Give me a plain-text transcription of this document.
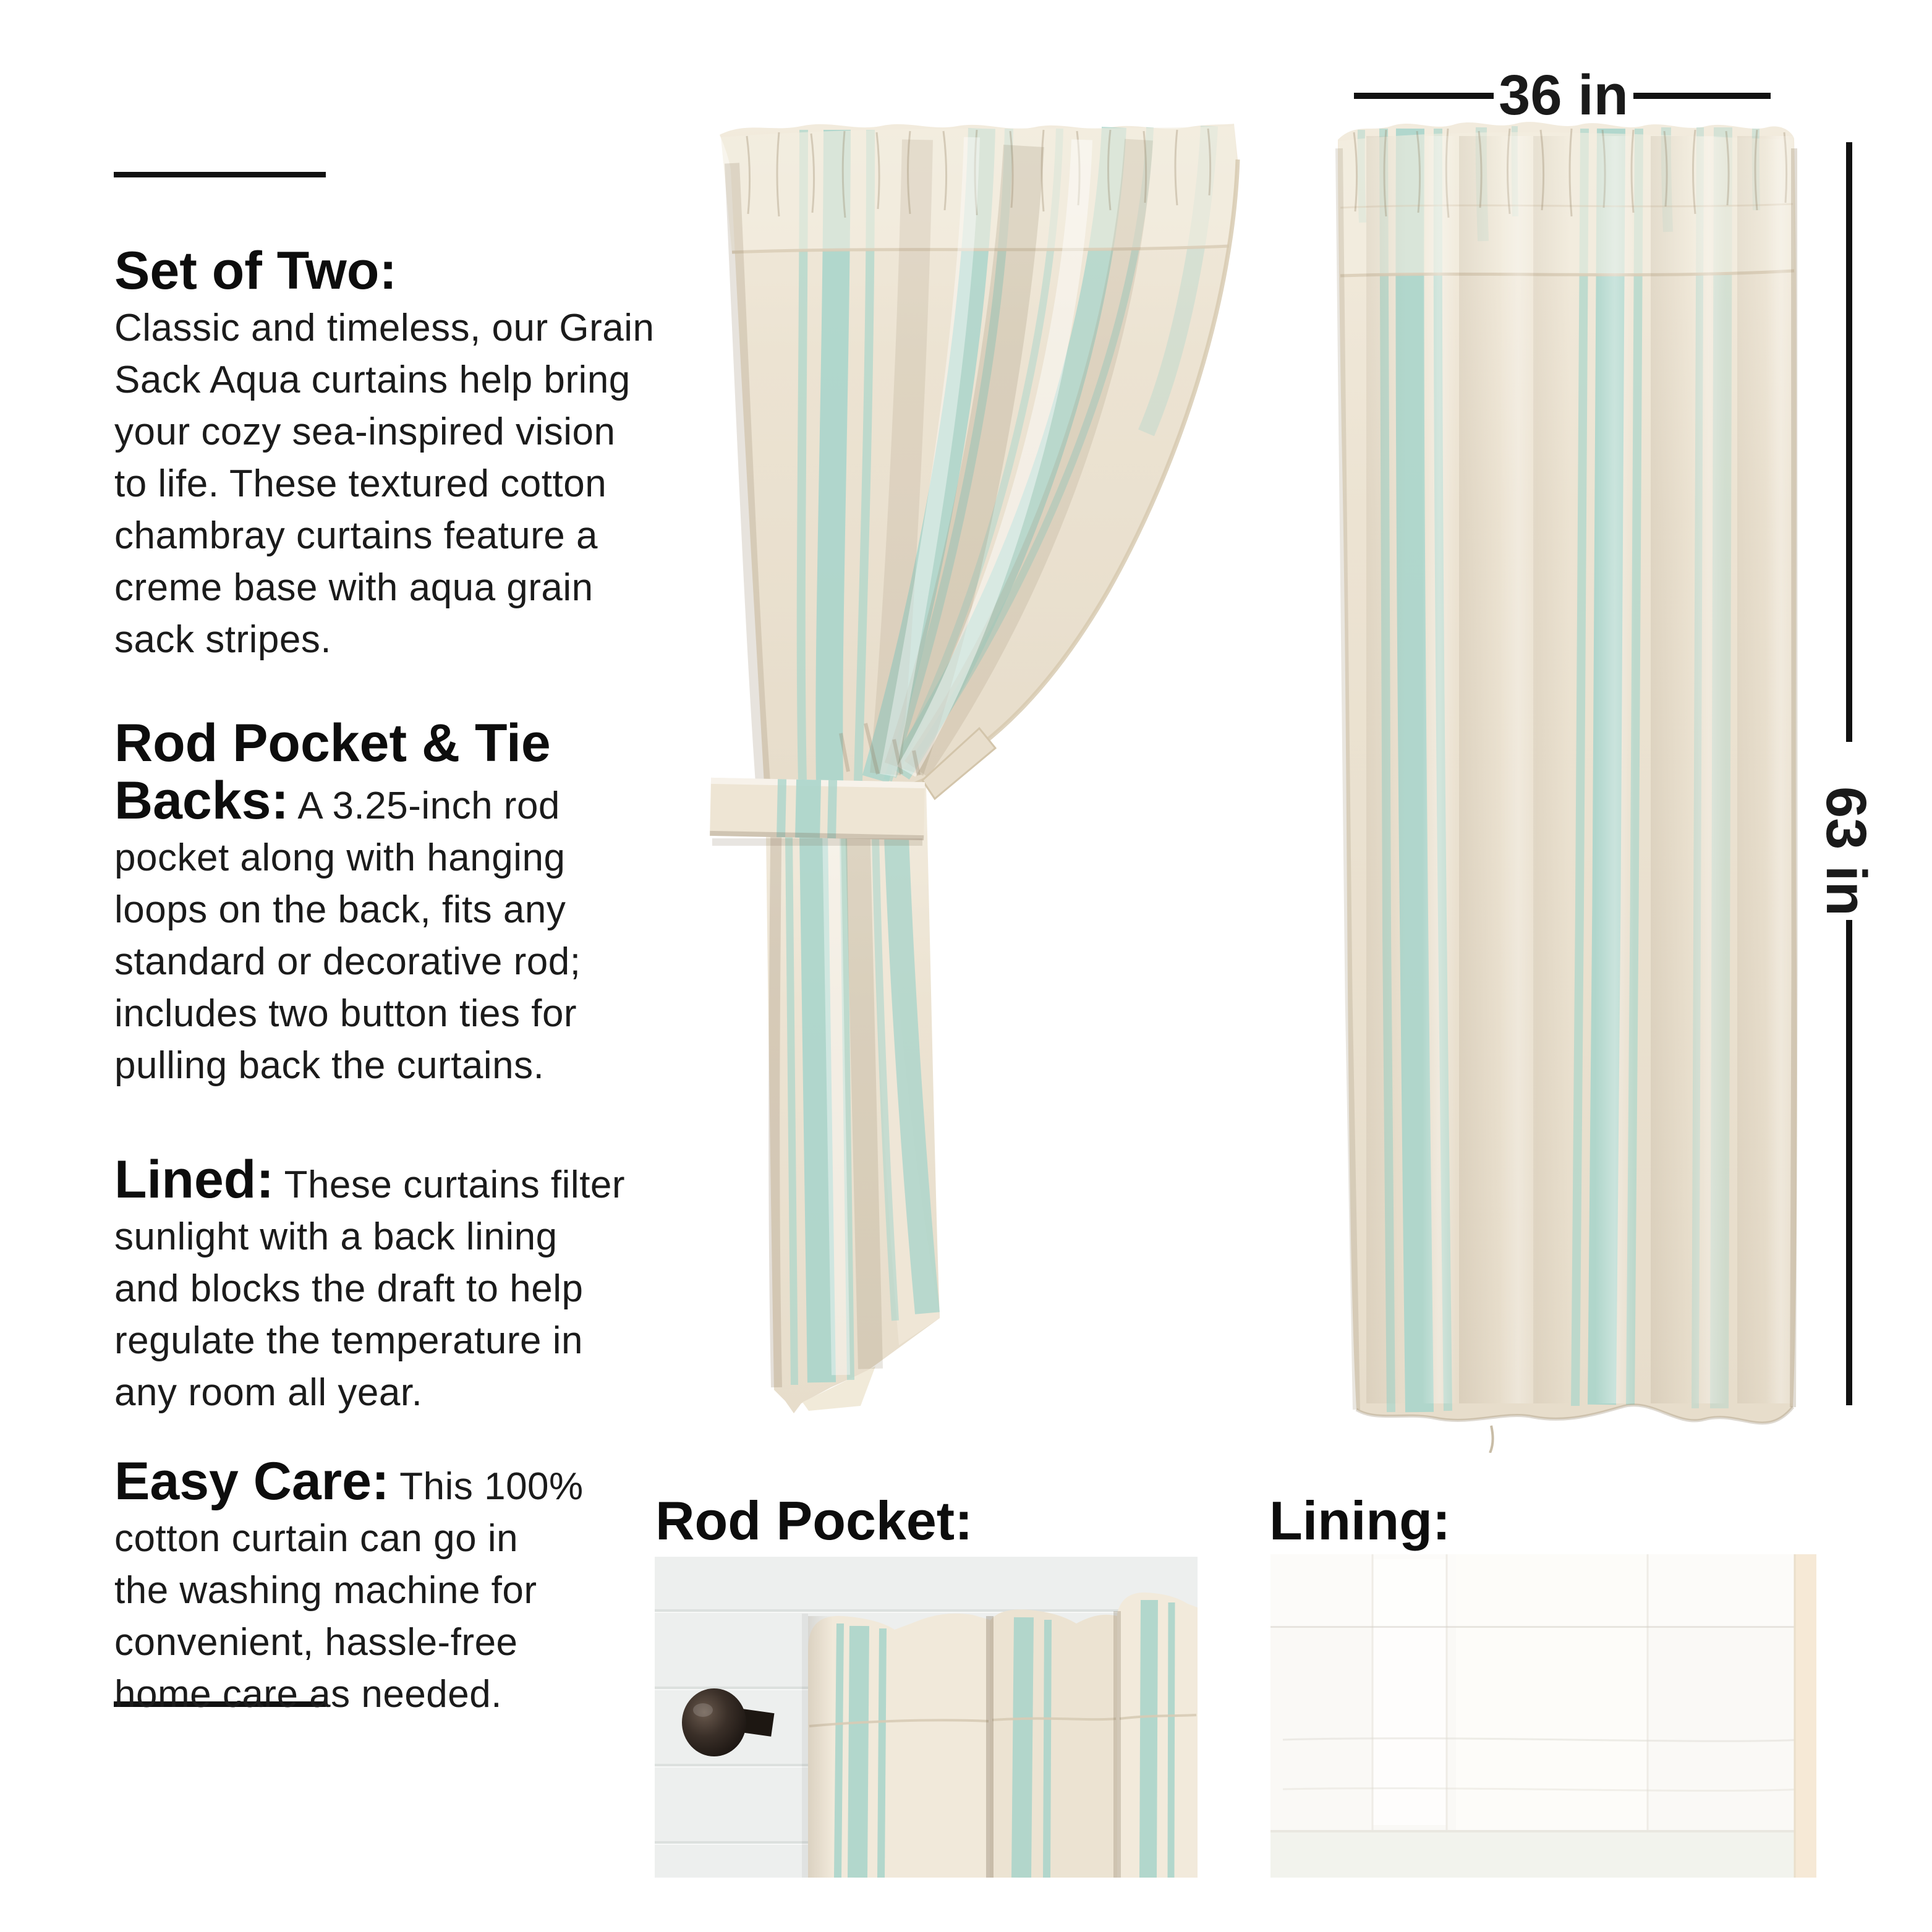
Set of Two:
Classic and timeless, our Grain
Sack Aqua curtains help bring
your cozy sea-inspired vision
to life. These textured cotton
chambray curtains feature a
creme base with aqua grain
sack stripes.
Rod Pocket & Tie
Backs: A 3.25-inch rod
pocket along with hanging
loops on the back, fits any
standard or decorative rod;
includes two button ties for
pulling back the curtains.
Lined: These curtains filter
sunlight with a back lining
and blocks the draft to help
regulate the temperature in
any room all year.
Easy Care: This 100%
cotton curtain can go in
the washing machine for
convenient, hassle-free
home care as needed.
36 in
63 in
Rod Pocket:	Lining:
